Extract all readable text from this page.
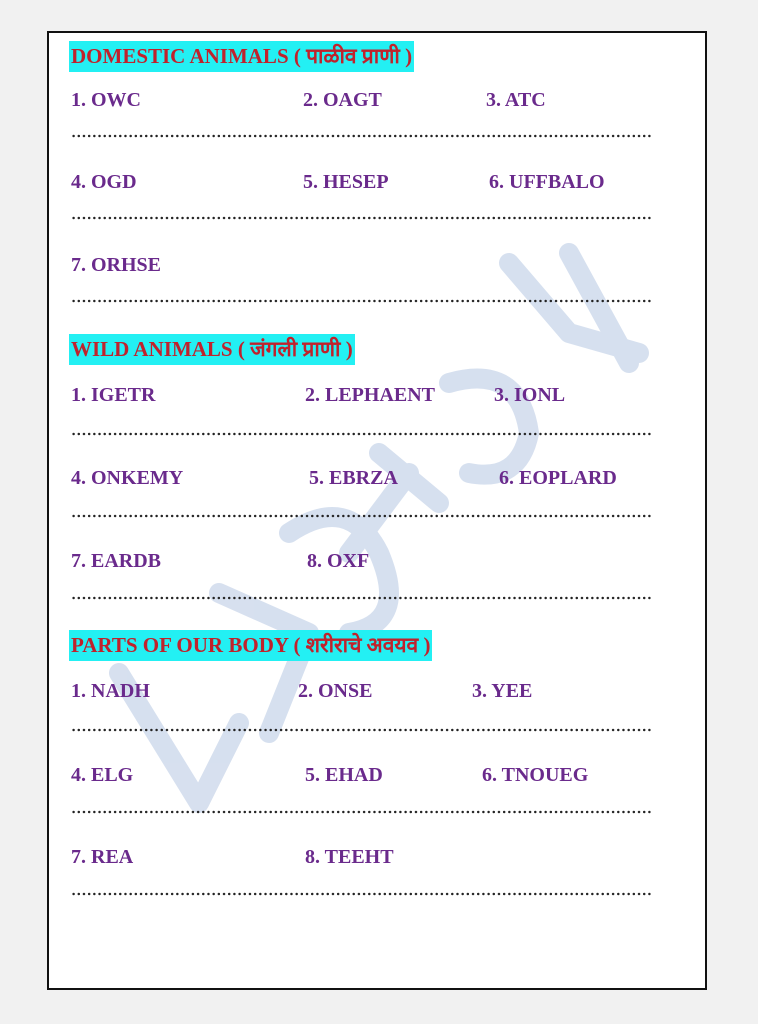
DOMESTIC ANIMALS ( पाळीव प्राणी )
1. OWC	2. OAGT	3. ATC
4. OGD	5. HESEP	6. UFFBALO
7. ORHSE
WILD ANIMALS ( जंगली प्राणी )
1. IGETR	2. LEPHAENT	3. IONL
4. ONKEMY	5. EBRZA	6. EOPLARD
7. EARDB	8. OXF
PARTS OF OUR BODY ( शरीराचे अवयव )
1. NADH	2. ONSE	3. YEE
4. ELG	5. EHAD	6. TNOUEG
7. REA	8. TEEHT
